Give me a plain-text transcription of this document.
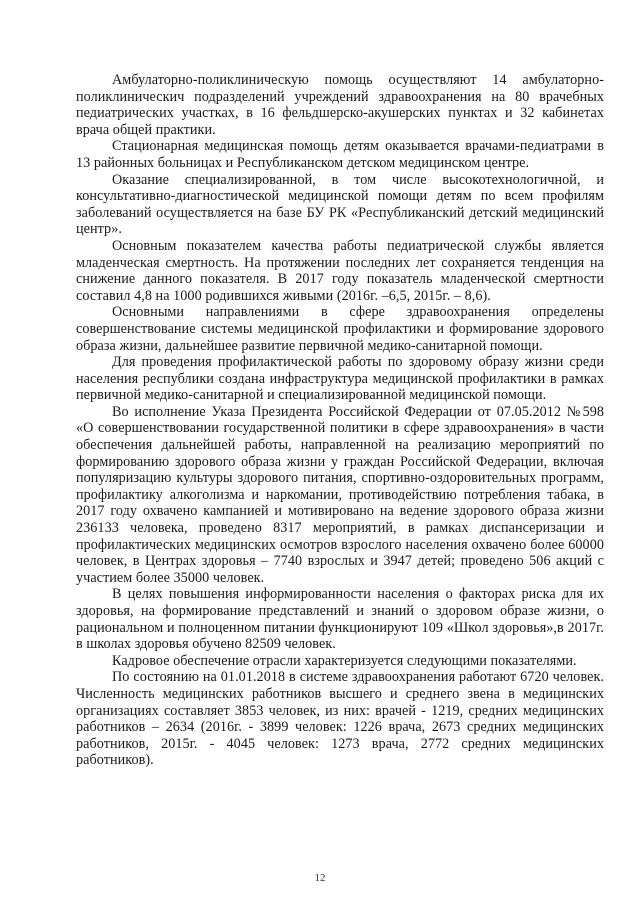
Амбулаторно-поликлиническую помощь осуществляют 14 амбулаторно-поликлиническич подразделений учреждений здравоохранения на 80 врачебных педиатрических участках, в 16 фельдшерско-акушерских пунктах и 32 кабинетах врача общей практики.

Стационарная медицинская помощь детям оказывается врачами-педиатрами в 13 районных больницах и Республиканском детском медицинском центре.

Оказание специализированной, в том числе высокотехнологичной, и консультативно-диагностической медицинской помощи детям по всем профилям заболеваний осуществляется на базе БУ РК «Республиканский детский медицинский центр».

Основным показателем качества работы педиатрической службы является младенческая смертность. На протяжении последних лет сохраняется тенденция на снижение данного показателя. В 2017 году показатель младенческой смертности составил 4,8 на 1000 родившихся живыми (2016г. –6,5, 2015г. – 8,6).

Основными направлениями в сфере здравоохранения определены совершенствование системы медицинской профилактики и формирование здорового образа жизни, дальнейшее развитие первичной медико-санитарной помощи.

Для проведения профилактической работы по здоровому образу жизни среди населения республики создана инфраструктура медицинской профилактики в рамках первичной медико-санитарной и специализированной медицинской помощи.

Во исполнение Указа Президента Российской Федерации от 07.05.2012 №598 «О совершенствовании государственной политики в сфере здравоохранения» в части обеспечения дальнейшей работы, направленной на реализацию мероприятий по формированию здорового образа жизни у граждан Российской Федерации, включая популяризацию культуры здорового питания, спортивно-оздоровительных программ, профилактику алкоголизма и наркомании, противодействию потребления табака, в 2017 году охвачено кампанией и мотивировано на ведение здорового образа жизни 236133 человека, проведено 8317 мероприятий, в рамках диспансеризации и профилактических медицинских осмотров взрослого населения охвачено более 60000 человек, в Центрах здоровья – 7740 взрослых и 3947 детей; проведено 506 акций с участием более 35000 человек.

В целях повышения информированности населения о факторах риска для их здоровья, на формирование представлений и знаний о здоровом образе жизни, о рациональном и полноценном питании функционируют 109 «Школ здоровья»,в 2017г. в школах здоровья обучено 82509 человек.

Кадровое обеспечение отрасли характеризуется следующими показателями.

По состоянию на 01.01.2018 в системе здравоохранения работают 6720 человек. Численность медицинских работников высшего и среднего звена в медицинских организациях составляет 3853 человек, из них: врачей - 1219, средних медицинских работников – 2634 (2016г. - 3899 человек: 1226 врача, 2673 средних медицинских работников, 2015г. - 4045 человек: 1273 врача, 2772 средних медицинских работников).

12
